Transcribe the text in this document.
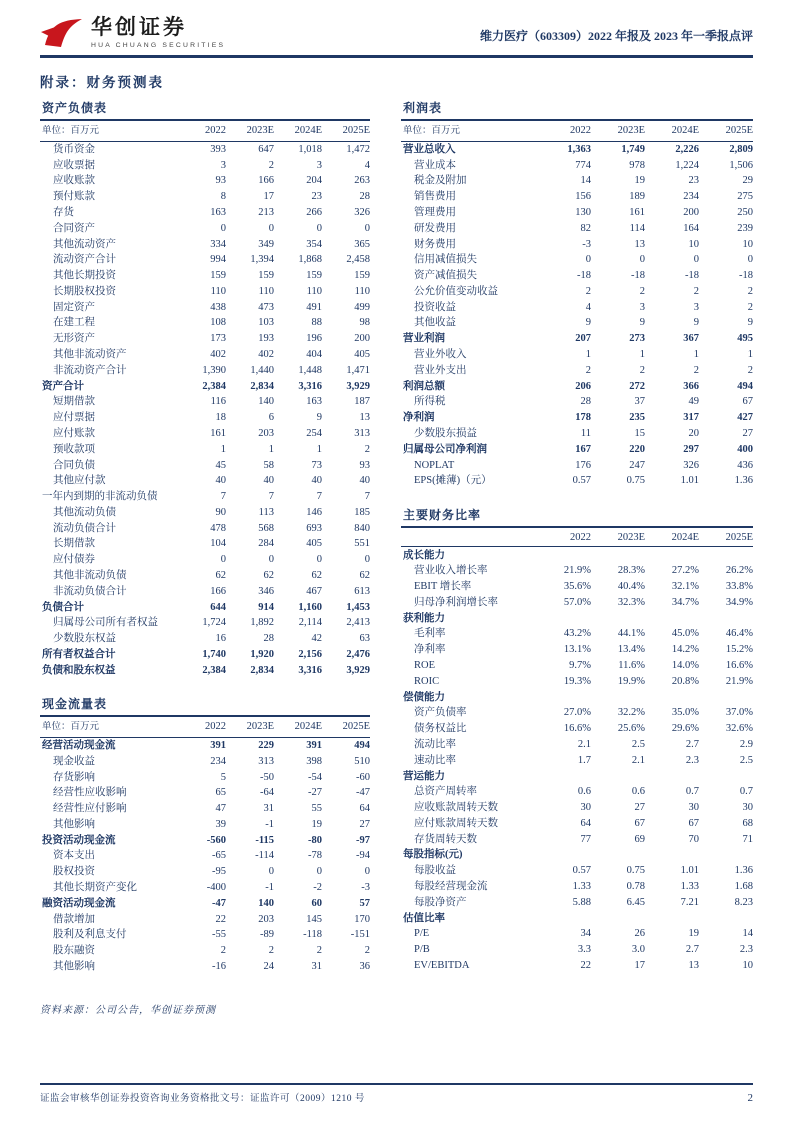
华创证券
HUA CHUANG SECURITIES
维力医疗（603309）2022 年报及 2023 年一季报点评
附录：财务预测表
资产负债表
单位：百万元	2022	2023E	2024E	2025E
货币资金	393	647	1,018	1,472
应收票据	3	2	3	4
应收账款	93	166	204	263
预付账款	8	17	23	28
存货	163	213	266	326
合同资产	0	0	0	0
其他流动资产	334	349	354	365
流动资产合计	994	1,394	1,868	2,458
其他长期投资	159	159	159	159
长期股权投资	110	110	110	110
固定资产	438	473	491	499
在建工程	108	103	88	98
无形资产	173	193	196	200
其他非流动资产	402	402	404	405
非流动资产合计	1,390	1,440	1,448	1,471
资产合计	2,384	2,834	3,316	3,929
短期借款	116	140	163	187
应付票据	18	6	9	13
应付账款	161	203	254	313
预收款项	1	1	1	2
合同负债	45	58	73	93
其他应付款	40	40	40	40
一年内到期的非流动负债	7	7	7	7
其他流动负债	90	113	146	185
流动负债合计	478	568	693	840
长期借款	104	284	405	551
应付债券	0	0	0	0
其他非流动负债	62	62	62	62
非流动负债合计	166	346	467	613
负债合计	644	914	1,160	1,453
归属母公司所有者权益	1,724	1,892	2,114	2,413
少数股东权益	16	28	42	63
所有者权益合计	1,740	1,920	2,156	2,476
负债和股东权益	2,384	2,834	3,316	3,929
现金流量表
单位：百万元	2022	2023E	2024E	2025E
经营活动现金流	391	229	391	494
现金收益	234	313	398	510
存货影响	5	-50	-54	-60
经营性应收影响	65	-64	-27	-47
经营性应付影响	47	31	55	64
其他影响	39	-1	19	27
投资活动现金流	-560	-115	-80	-97
资本支出	-65	-114	-78	-94
股权投资	-95	0	0	0
其他长期资产变化	-400	-1	-2	-3
融资活动现金流	-47	140	60	57
借款增加	22	203	145	170
股利及利息支付	-55	-89	-118	-151
股东融资	2	2	2	2
其他影响	-16	24	31	36
利润表
单位：百万元	2022	2023E	2024E	2025E
营业总收入	1,363	1,749	2,226	2,809
营业成本	774	978	1,224	1,506
税金及附加	14	19	23	29
销售费用	156	189	234	275
管理费用	130	161	200	250
研发费用	82	114	164	239
财务费用	-3	13	10	10
信用减值损失	0	0	0	0
资产减值损失	-18	-18	-18	-18
公允价值变动收益	2	2	2	2
投资收益	4	3	3	2
其他收益	9	9	9	9
营业利润	207	273	367	495
营业外收入	1	1	1	1
营业外支出	2	2	2	2
利润总额	206	272	366	494
所得税	28	37	49	67
净利润	178	235	317	427
少数股东损益	11	15	20	27
归属母公司净利润	167	220	297	400
NOPLAT	176	247	326	436
EPS(摊薄)（元）	0.57	0.75	1.01	1.36
主要财务比率
2022	2023E	2024E	2025E
成长能力
营业收入增长率	21.9%	28.3%	27.2%	26.2%
EBIT 增长率	35.6%	40.4%	32.1%	33.8%
归母净利润增长率	57.0%	32.3%	34.7%	34.9%
获利能力
毛利率	43.2%	44.1%	45.0%	46.4%
净利率	13.1%	13.4%	14.2%	15.2%
ROE	9.7%	11.6%	14.0%	16.6%
ROIC	19.3%	19.9%	20.8%	21.9%
偿债能力
资产负债率	27.0%	32.2%	35.0%	37.0%
债务权益比	16.6%	25.6%	29.6%	32.6%
流动比率	2.1	2.5	2.7	2.9
速动比率	1.7	2.1	2.3	2.5
营运能力
总资产周转率	0.6	0.6	0.7	0.7
应收账款周转天数	30	27	30	30
应付账款周转天数	64	67	67	68
存货周转天数	77	69	70	71
每股指标(元)
每股收益	0.57	0.75	1.01	1.36
每股经营现金流	1.33	0.78	1.33	1.68
每股净资产	5.88	6.45	7.21	8.23
估值比率
P/E	34	26	19	14
P/B	3.3	3.0	2.7	2.3
EV/EBITDA	22	17	13	10
资料来源：公司公告，华创证券预测
证监会审核华创证券投资咨询业务资格批文号：证监许可（2009）1210 号	2
